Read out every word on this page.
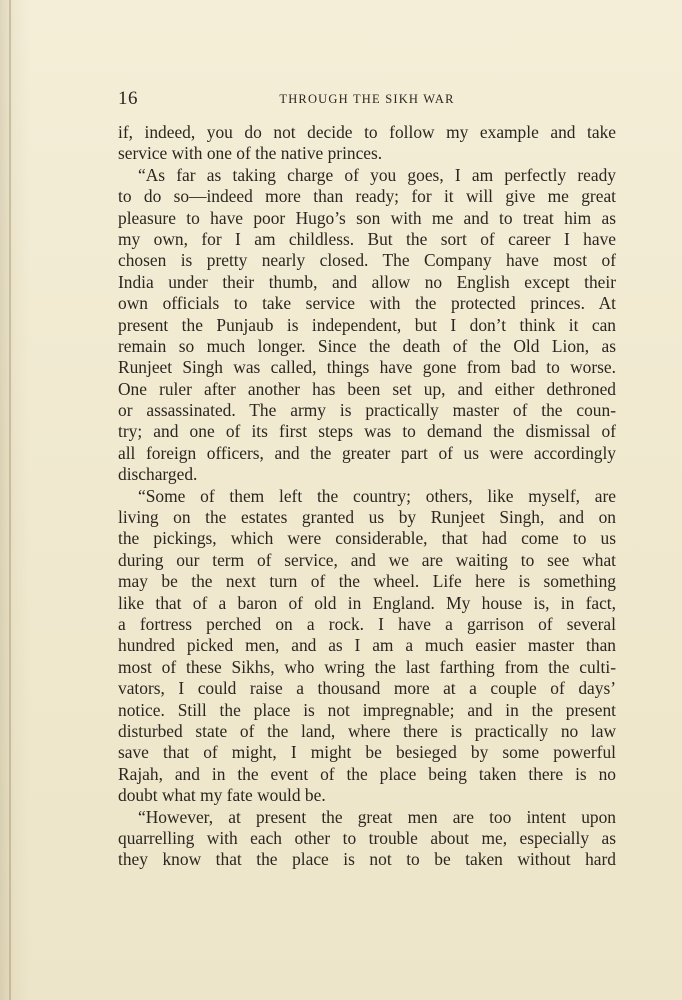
16	THROUGH THE SIKH WAR
if, indeed, you do not decide to follow my example and take
service with one of the native princes.
“As far as taking charge of you goes, I am perfectly ready
to do so—indeed more than ready; for it will give me great
pleasure to have poor Hugo’s son with me and to treat him as
my own, for I am childless. But the sort of career I have
chosen is pretty nearly closed. The Company have most of
India under their thumb, and allow no English except their
own officials to take service with the protected princes. At
present the Punjaub is independent, but I don’t think it can
remain so much longer. Since the death of the Old Lion, as
Runjeet Singh was called, things have gone from bad to worse.
One ruler after another has been set up, and either dethroned
or assassinated. The army is practically master of the coun-
try; and one of its first steps was to demand the dismissal of
all foreign officers, and the greater part of us were accordingly
discharged.
“Some of them left the country; others, like myself, are
living on the estates granted us by Runjeet Singh, and on
the pickings, which were considerable, that had come to us
during our term of service, and we are waiting to see what
may be the next turn of the wheel. Life here is something
like that of a baron of old in England. My house is, in fact,
a fortress perched on a rock. I have a garrison of several
hundred picked men, and as I am a much easier master than
most of these Sikhs, who wring the last farthing from the culti-
vators, I could raise a thousand more at a couple of days’
notice. Still the place is not impregnable; and in the present
disturbed state of the land, where there is practically no law
save that of might, I might be besieged by some powerful
Rajah, and in the event of the place being taken there is no
doubt what my fate would be.
“However, at present the great men are too intent upon
quarrelling with each other to trouble about me, especially as
they know that the place is not to be taken without hard
